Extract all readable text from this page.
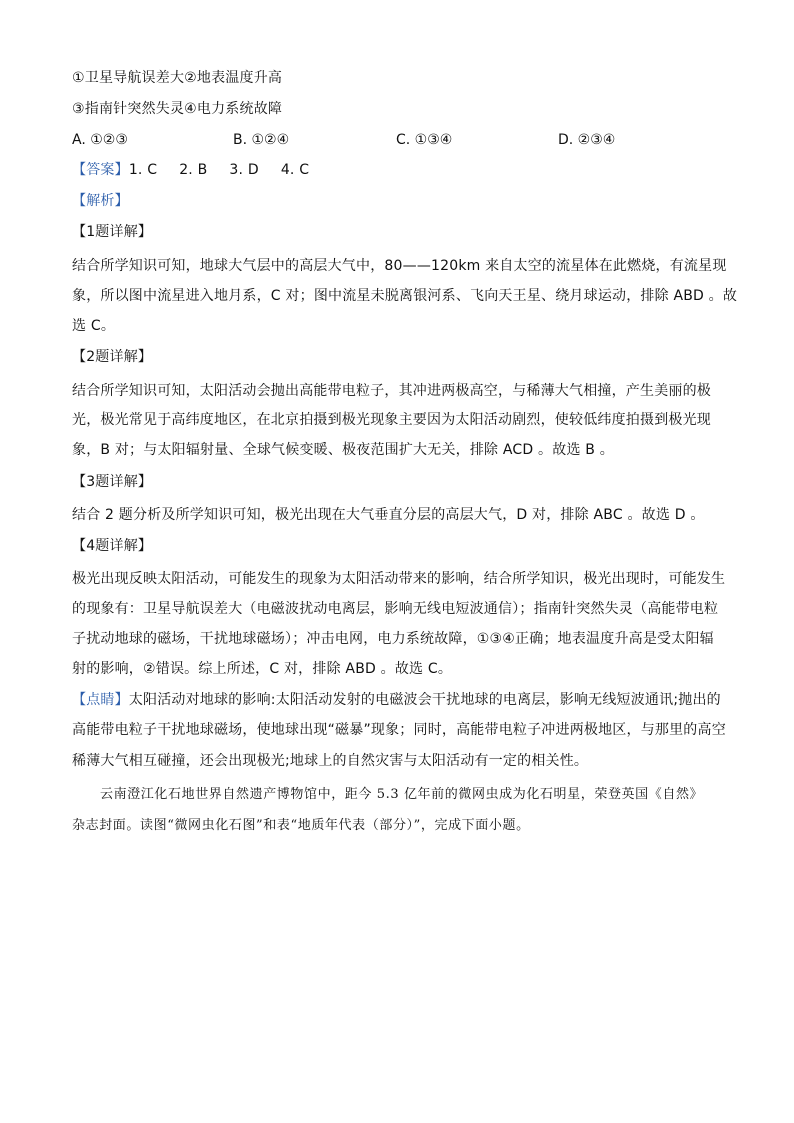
①卫星导航误差大②地表温度升高
③指南针突然失灵④电力系统故障
A. ①②③	B. ①②④	C. ①③④	D. ②③④
【答案】1. C 2. B 3. D 4. C
【解析】
【1题详解】
结合所学知识可知，地球大气层中的高层大气中，80——120km 来自太空的流星体在此燃烧，有流星现
象，所以图中流星进入地月系，C 对；图中流星未脱离银河系、飞向天王星、绕月球运动，排除 ABD 。故
选 C。
【2题详解】
结合所学知识可知，太阳活动会抛出高能带电粒子，其冲进两极高空，与稀薄大气相撞，产生美丽的极
光，极光常见于高纬度地区，在北京拍摄到极光现象主要因为太阳活动剧烈，使较低纬度拍摄到极光现
象，B 对；与太阳辐射量、全球气候变暖、极夜范围扩大无关，排除 ACD 。故选 B 。
【3题详解】
结合 2 题分析及所学知识可知，极光出现在大气垂直分层的高层大气，D 对，排除 ABC 。故选 D 。
【4题详解】
极光出现反映太阳活动，可能发生的现象为太阳活动带来的影响，结合所学知识，极光出现时，可能发生
的现象有：卫星导航误差大（电磁波扰动电离层，影响无线电短波通信）；指南针突然失灵（高能带电粒
子扰动地球的磁场，干扰地球磁场）；冲击电网，电力系统故障，①③④正确；地表温度升高是受太阳辐
射的影响，②错误。综上所述，C 对，排除 ABD 。故选 C。
【点睛】太阳活动对地球的影响:太阳活动发射的电磁波会干扰地球的电离层，影响无线短波通讯;抛出的
高能带电粒子干扰地球磁场，使地球出现“磁暴”现象；同时，高能带电粒子冲进两极地区，与那里的高空
稀薄大气相互碰撞，还会出现极光;地球上的自然灾害与太阳活动有一定的相关性。
云南澄江化石地世界自然遗产博物馆中，距今 5.3 亿年前的微网虫成为化石明星，荣登英国《自然》
杂志封面。读图“微网虫化石图”和表“地质年代表（部分）”，完成下面小题。
